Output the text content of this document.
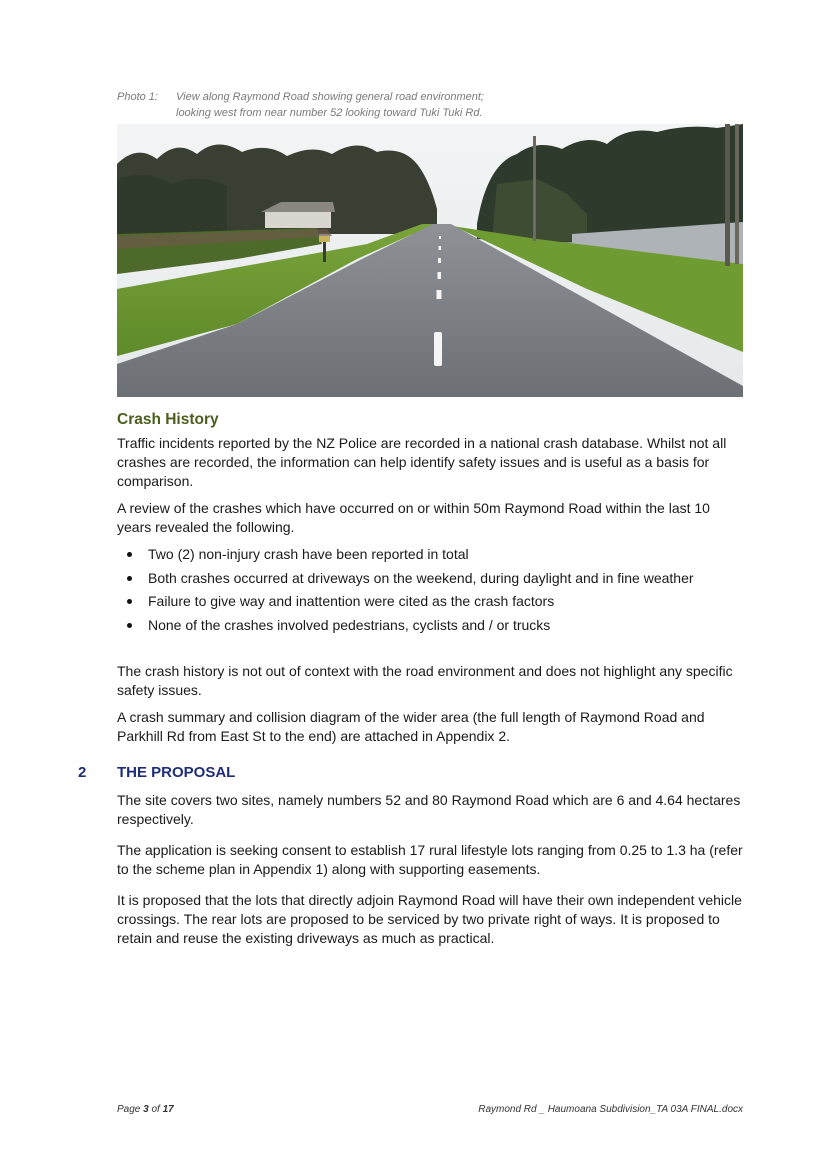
Photo 1: View along Raymond Road showing general road environment;
looking west from near number 52 looking toward Tuki Tuki Rd.
Crash History

Traffic incidents reported by the NZ Police are recorded in a national crash database. Whilst not all crashes are recorded, the information can help identify safety issues and is useful as a basis for comparison.

A review of the crashes which have occurred on or within 50m Raymond Road within the last 10 years revealed the following.

Two (2) non-injury crash have been reported in total
Both crashes occurred at driveways on the weekend, during daylight and in fine weather
Failure to give way and inattention were cited as the crash factors
None of the crashes involved pedestrians, cyclists and / or trucks

The crash history is not out of context with the road environment and does not highlight any specific safety issues.

A crash summary and collision diagram of the wider area (the full length of Raymond Road and Parkhill Rd from East St to the end) are attached in Appendix 2.

2 THE PROPOSAL

The site covers two sites, namely numbers 52 and 80 Raymond Road which are 6 and 4.64 hectares respectively.

The application is seeking consent to establish 17 rural lifestyle lots ranging from 0.25 to 1.3 ha (refer to the scheme plan in Appendix 1) along with supporting easements.

It is proposed that the lots that directly adjoin Raymond Road will have their own independent vehicle crossings. The rear lots are proposed to be serviced by two private right of ways. It is proposed to retain and reuse the existing driveways as much as practical.

Page 3 of 17	Raymond Rd _ Haumoana Subdivision_TA 03A FINAL.docx
